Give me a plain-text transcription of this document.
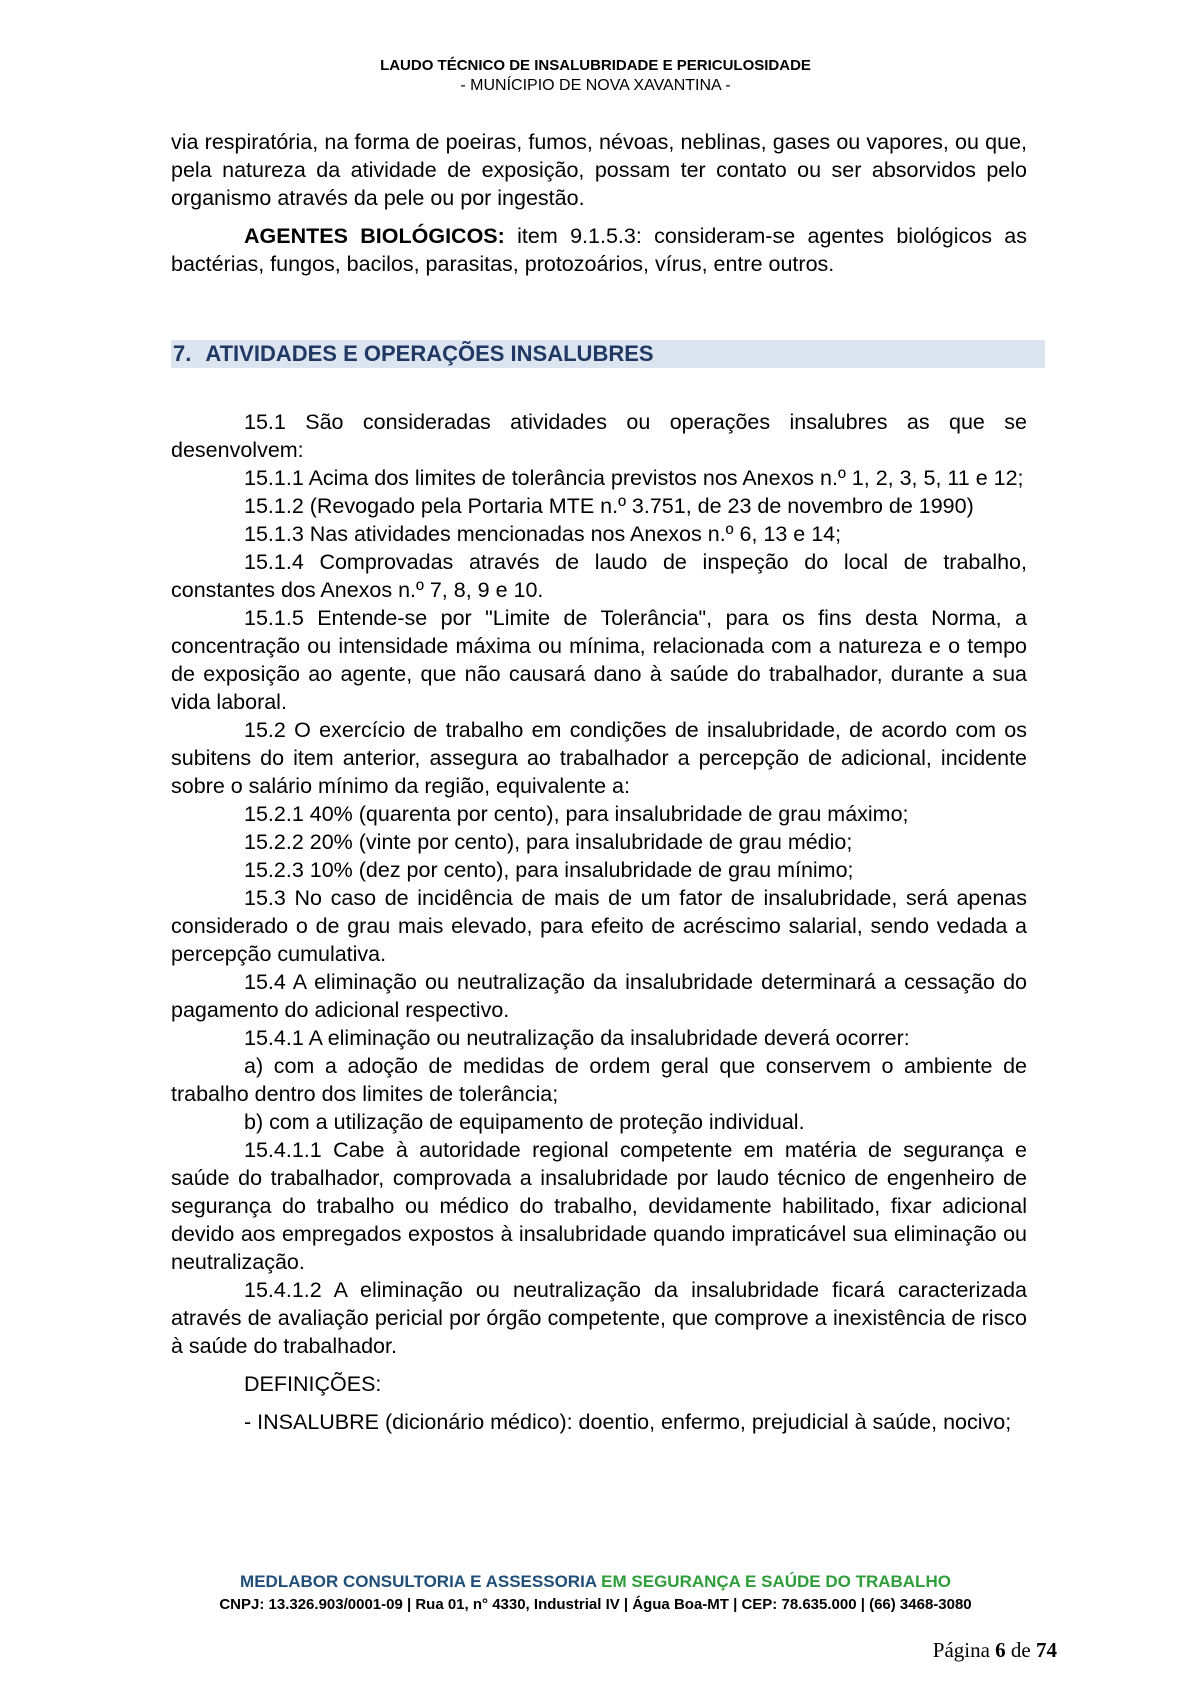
LAUDO TÉCNICO DE INSALUBRIDADE E PERICULOSIDADE
- MUNÍCIPIO DE NOVA XAVANTINA -

via respiratória, na forma de poeiras, fumos, névoas, neblinas, gases ou vapores, ou que, pela natureza da atividade de exposição, possam ter contato ou ser absorvidos pelo organismo através da pele ou por ingestão.

AGENTES BIOLÓGICOS: item 9.1.5.3: consideram-se agentes biológicos as bactérias, fungos, bacilos, parasitas, protozoários, vírus, entre outros.

7. ATIVIDADES E OPERAÇÕES INSALUBRES

15.1 São consideradas atividades ou operações insalubres as que se desenvolvem:

15.1.1 Acima dos limites de tolerância previstos nos Anexos n.º 1, 2, 3, 5, 11 e 12;

15.1.2 (Revogado pela Portaria MTE n.º 3.751, de 23 de novembro de 1990)

15.1.3 Nas atividades mencionadas nos Anexos n.º 6, 13 e 14;

15.1.4 Comprovadas através de laudo de inspeção do local de trabalho, constantes dos Anexos n.º 7, 8, 9 e 10.

15.1.5 Entende-se por "Limite de Tolerância", para os fins desta Norma, a concentração ou intensidade máxima ou mínima, relacionada com a natureza e o tempo de exposição ao agente, que não causará dano à saúde do trabalhador, durante a sua vida laboral.

15.2 O exercício de trabalho em condições de insalubridade, de acordo com os subitens do item anterior, assegura ao trabalhador a percepção de adicional, incidente sobre o salário mínimo da região, equivalente a:

15.2.1 40% (quarenta por cento), para insalubridade de grau máximo;

15.2.2 20% (vinte por cento), para insalubridade de grau médio;

15.2.3 10% (dez por cento), para insalubridade de grau mínimo;

15.3 No caso de incidência de mais de um fator de insalubridade, será apenas considerado o de grau mais elevado, para efeito de acréscimo salarial, sendo vedada a percepção cumulativa.

15.4 A eliminação ou neutralização da insalubridade determinará a cessação do pagamento do adicional respectivo.

15.4.1 A eliminação ou neutralização da insalubridade deverá ocorrer:

a) com a adoção de medidas de ordem geral que conservem o ambiente de trabalho dentro dos limites de tolerância;

b) com a utilização de equipamento de proteção individual.

15.4.1.1 Cabe à autoridade regional competente em matéria de segurança e saúde do trabalhador, comprovada a insalubridade por laudo técnico de engenheiro de segurança do trabalho ou médico do trabalho, devidamente habilitado, fixar adicional devido aos empregados expostos à insalubridade quando impraticável sua eliminação ou neutralização.

15.4.1.2 A eliminação ou neutralização da insalubridade ficará caracterizada através de avaliação pericial por órgão competente, que comprove a inexistência de risco à saúde do trabalhador.

DEFINIÇÕES:

- INSALUBRE (dicionário médico): doentio, enfermo, prejudicial à saúde, nocivo;

MEDLABOR CONSULTORIA E ASSESSORIA EM SEGURANÇA E SAÚDE DO TRABALHO
CNPJ: 13.326.903/0001-09 | Rua 01, n° 4330, Industrial IV | Água Boa-MT | CEP: 78.635.000 | (66) 3468-3080
Página 6 de 74
